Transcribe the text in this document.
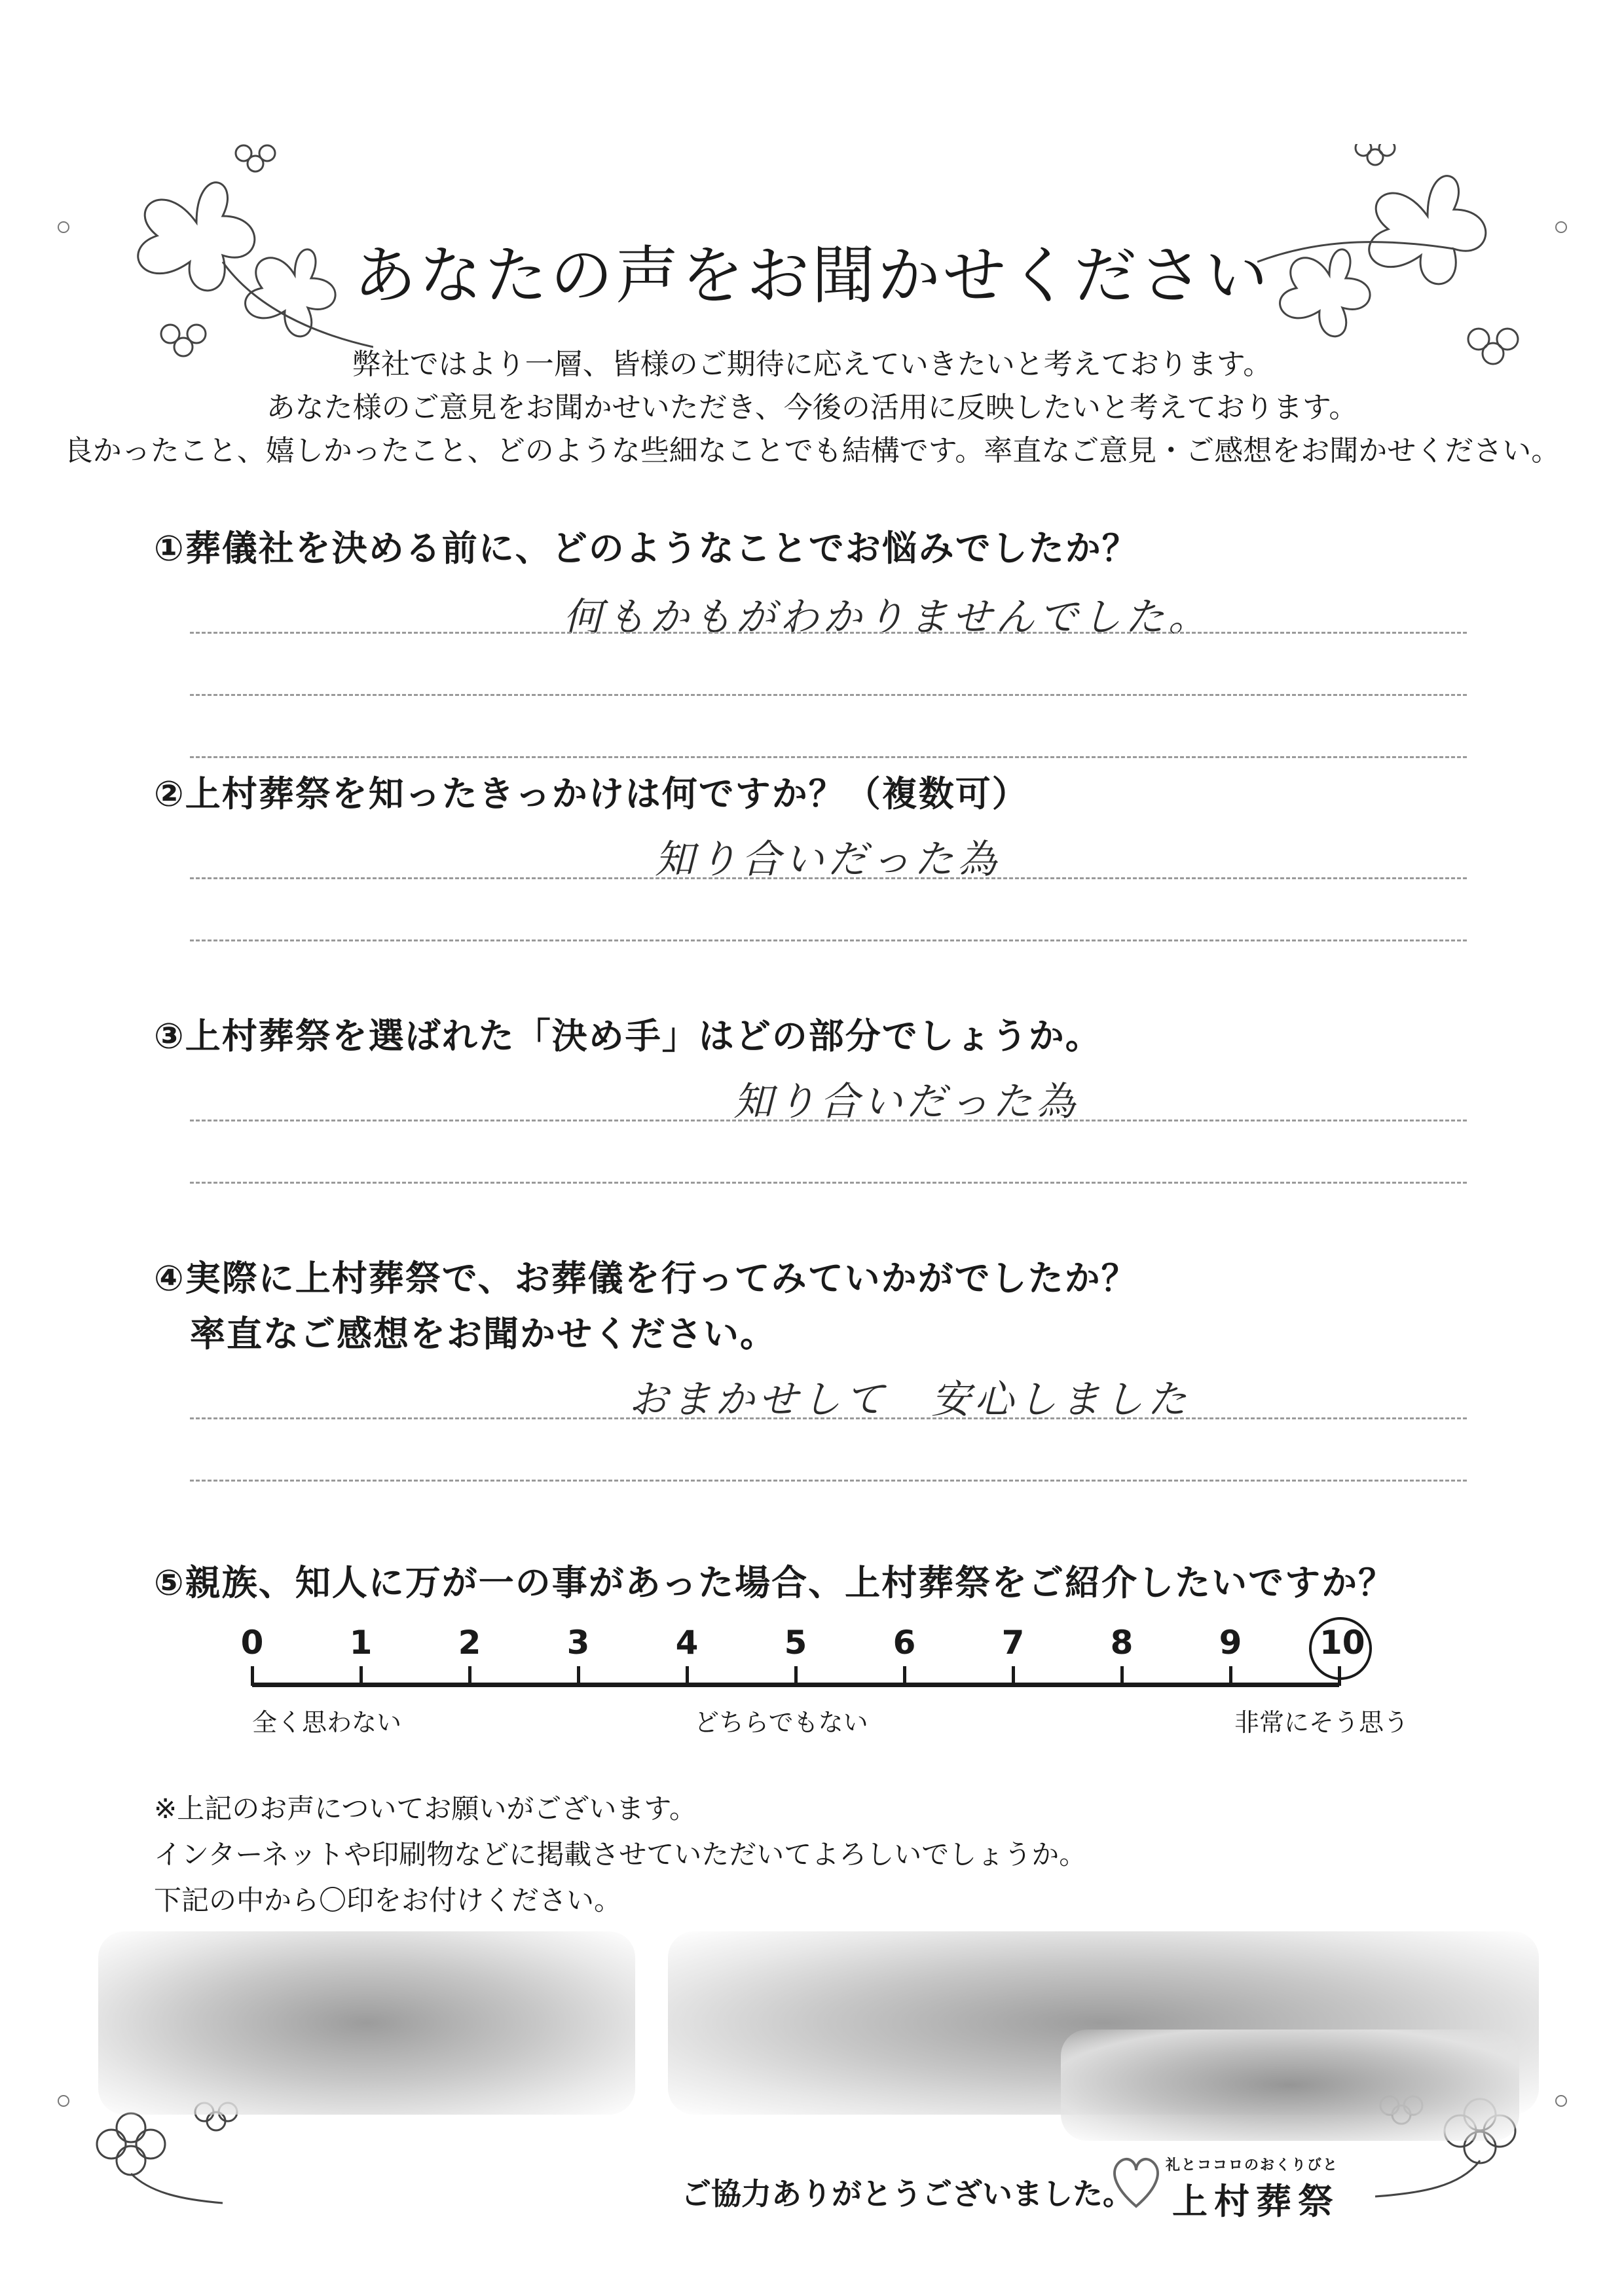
あなたの声をお聞かせください
弊社ではより一層、皆様のご期待に応えていきたいと考えております。
あなた様のご意見をお聞かせいただき、今後の活用に反映したいと考えております。
良かったこと、嬉しかったこと、どのような些細なことでも結構です。率直なご意見・ご感想をお聞かせください。
①葬儀社を決める前に、どのようなことでお悩みでしたか？
何もかもがわかりませんでした。
②上村葬祭を知ったきっかけは何ですか？（複数可）
知り合いだった為
③上村葬祭を選ばれた「決め手」はどの部分でしょうか。
知り合いだった為
④実際に上村葬祭で、お葬儀を行ってみていかがでしたか？
率直なご感想をお聞かせください。
おまかせして　安心しました
⑤親族、知人に万が一の事があった場合、上村葬祭をご紹介したいですか？
0	1	2	3	4	5	6	7	8	9 10
全く思わない	どちらでもない	非常にそう思う
※上記のお声についてお願いがございます。
インターネットや印刷物などに掲載させていただいてよろしいでしょうか。
下記の中から〇印をお付けください。
ご協力ありがとうございました。
礼とココロのおくりびと
上村葬祭
